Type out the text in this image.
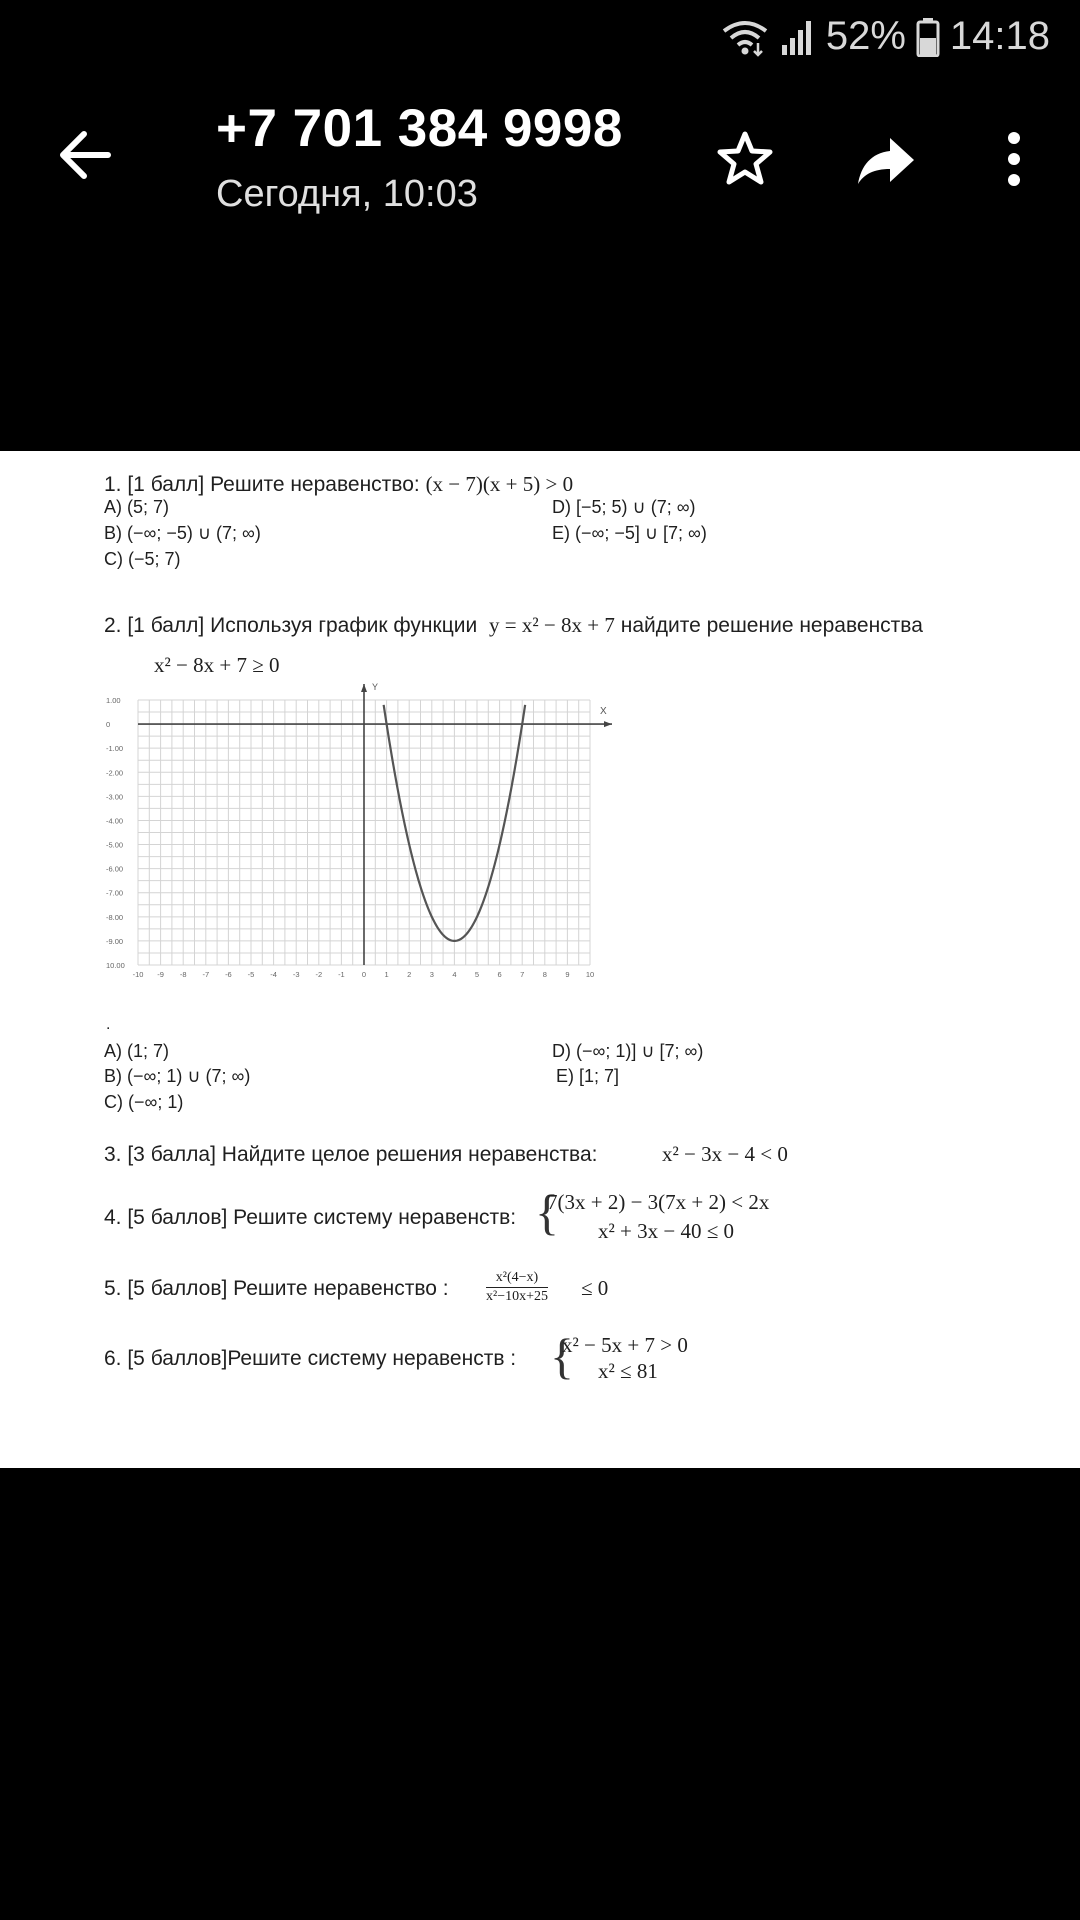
52% 14:18
+7 701 384 9998
Сегодня, 10:03
1. [1 балл] Решите неравенство: (x − 7)(x + 5) > 0
A) (5; 7)
B) (−∞; −5) ∪ (7; ∞)
C) (−5; 7)
D) [−5; 5) ∪ (7; ∞)
E) (−∞; −5] ∪ [7; ∞)
2. [1 балл] Используя график функции y = x² − 8x + 7 найдите решение неравенства
x² − 8x + 7 ≥ 0
Y
X
1.00
0
-1.00
-2.00
-3.00
-4.00
-5.00
-6.00
-7.00
-8.00
-9.00
10.00
-10 -9 -8 -7 -6 -5 -4 -3 -2 -1 0 1 2 3 4 5 6 7 8 9 10
.
A) (1; 7)
B) (−∞; 1) ∪ (7; ∞)
C) (−∞; 1)
D) (−∞; 1)] ∪ [7; ∞)
E) [1; 7]
3. [3 балла] Найдите целое решения неравенства:	x² − 3x − 4 < 0
4. [5 баллов] Решите систему неравенств: {
7(3x + 2) − 3(7x + 2) < 2x
x² + 3x − 40 ≤ 0
5. [5 баллов] Решите неравенство :	$\frac{\text{x²(4−x)}}{\text{x²−10x+25}} \le 0$
6. [5 баллов]Решите систему неравенств : {
x² − 5x + 7 > 0
x² ≤ 81
